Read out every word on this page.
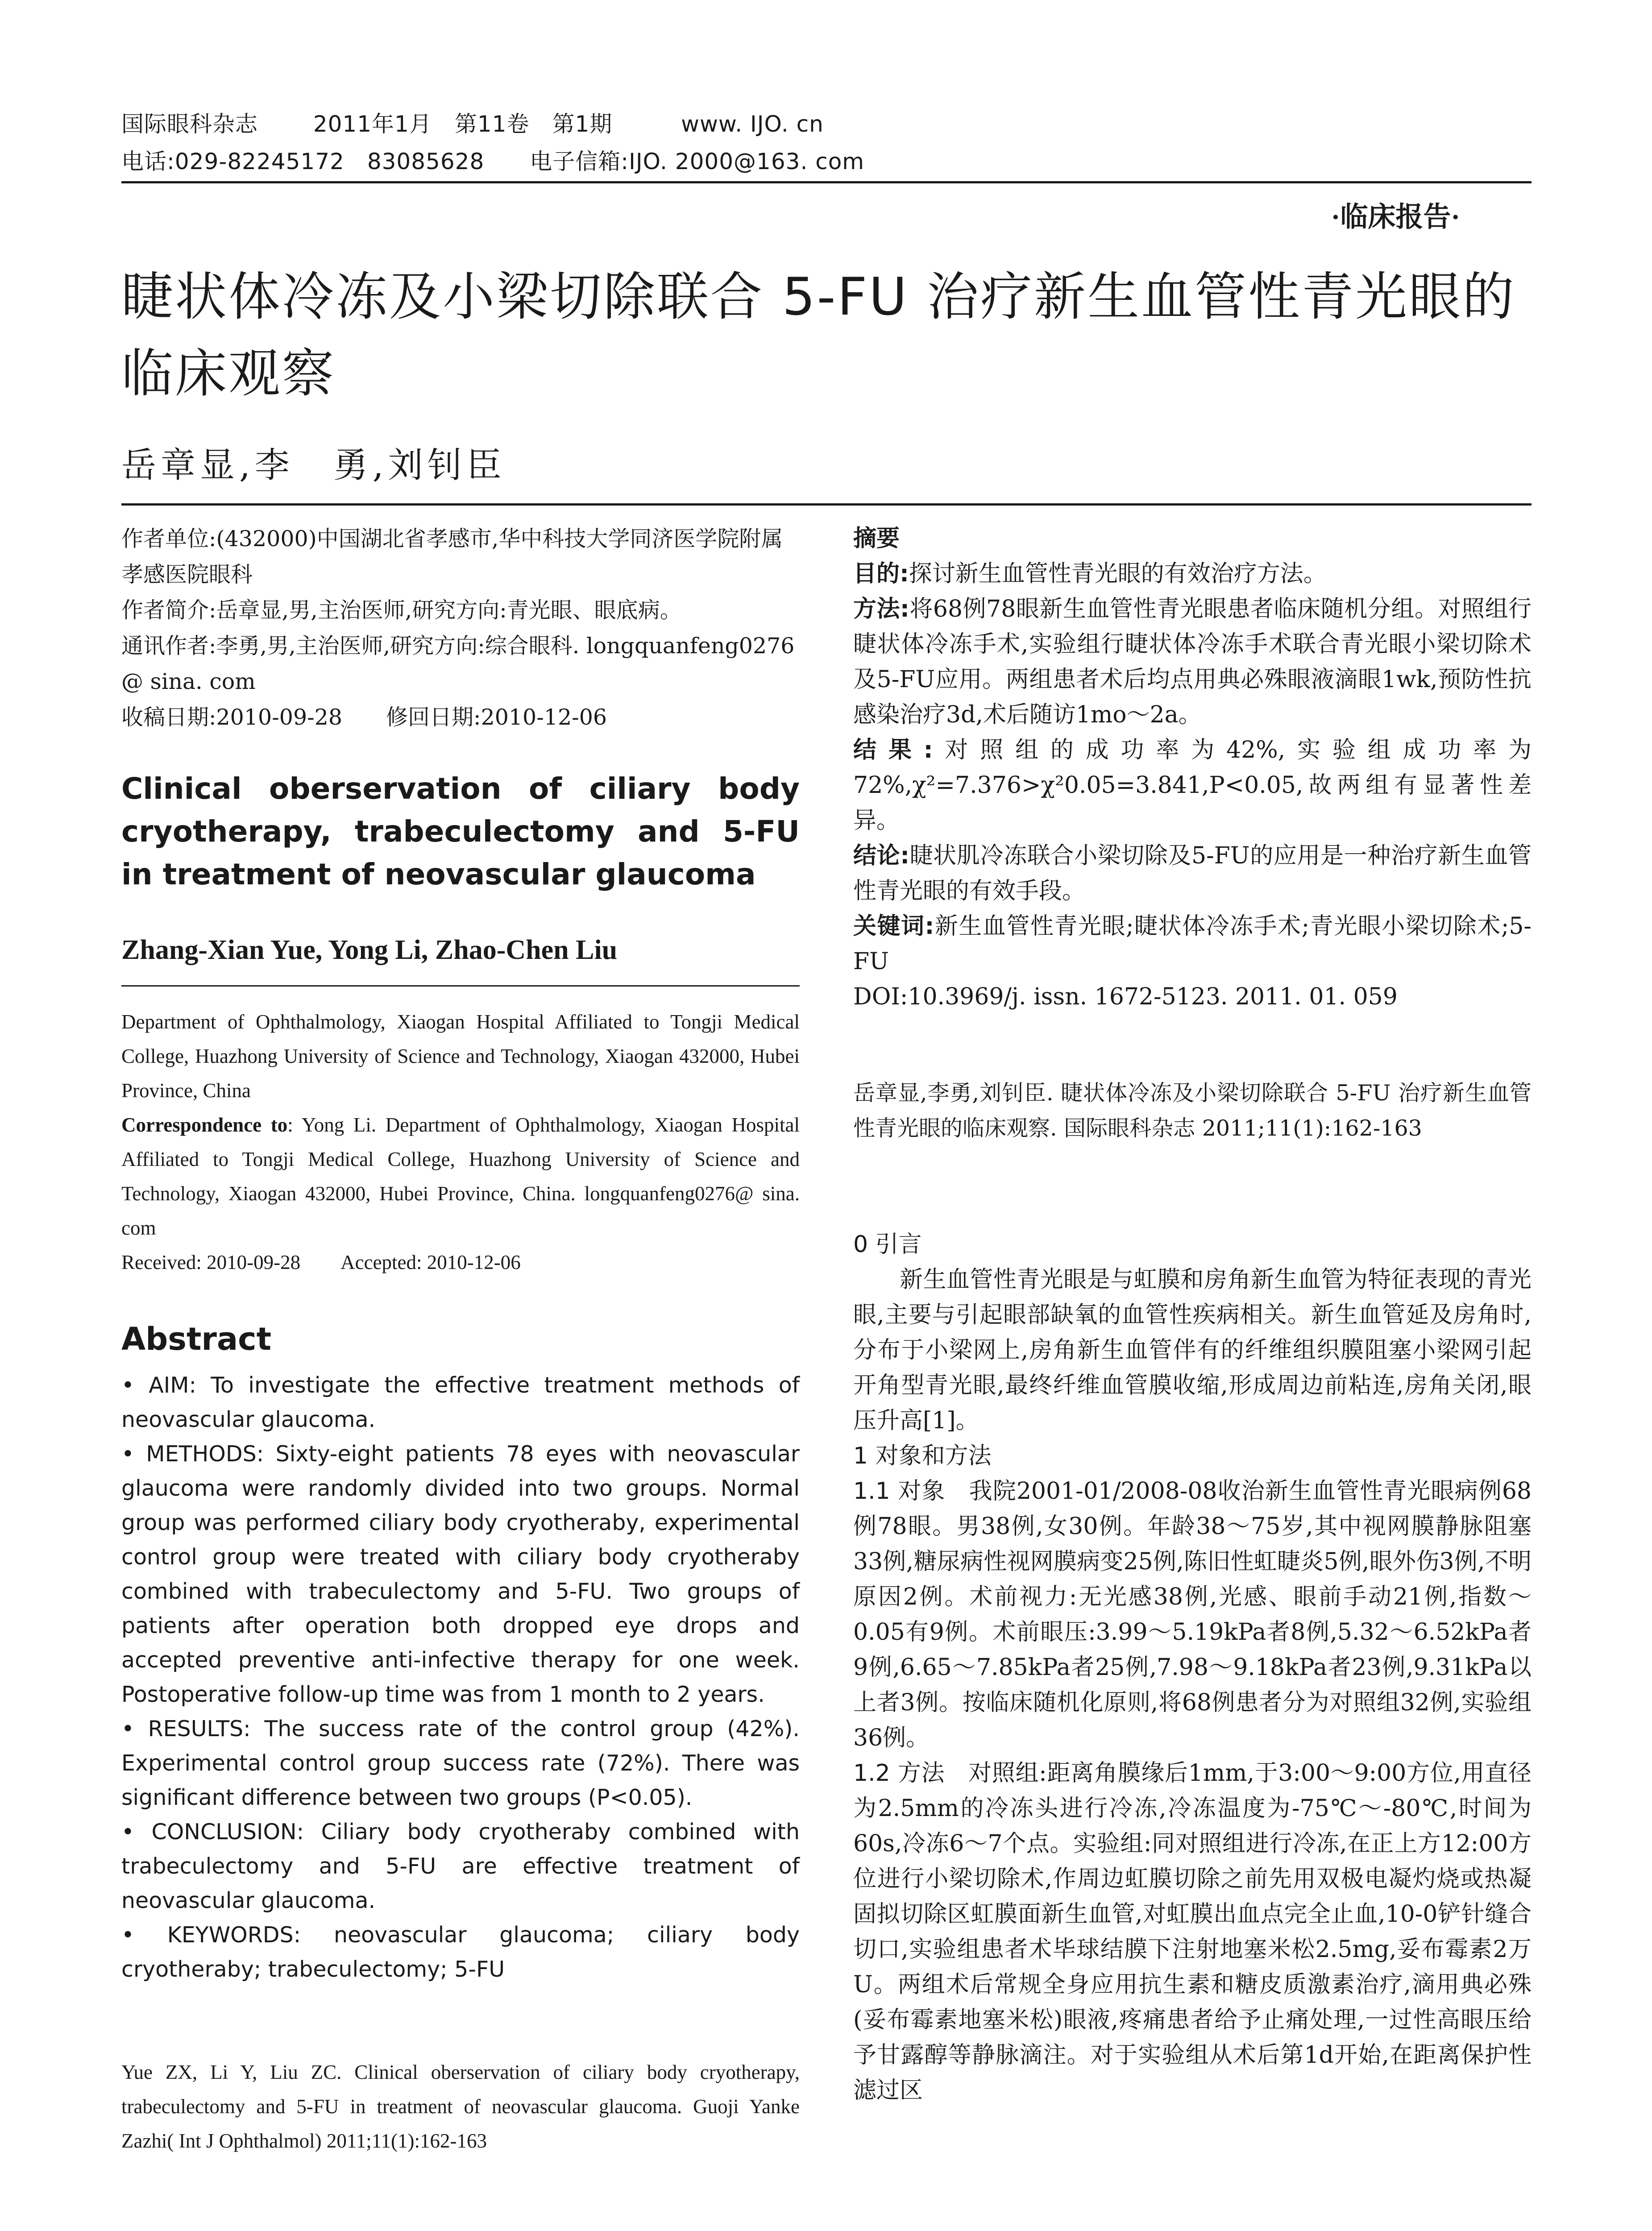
国际眼科杂志 2011年1月　第11卷　第1期	www. IJO. cn
电话:029-82245172　83085628　　电子信箱:IJO. 2000@163. com
·临床报告·
睫状体冷冻及小梁切除联合 5-FU 治疗新生血管性青光眼的临床观察
岳章显,李　勇,刘钊臣

作者单位:(432000)中国湖北省孝感市,华中科技大学同济医学院附属孝感医院眼科

作者简介:岳章显,男,主治医师,研究方向:青光眼、眼底病。

通讯作者:李勇,男,主治医师,研究方向:综合眼科. longquanfeng0276@ sina. com

收稿日期:2010-09-28　　修回日期:2010-12-06

Clinical oberservation of ciliary body cryotherapy, trabeculectomy and 5-FU in treatment of neovascular glaucoma
Zhang-Xian Yue, Yong Li, Zhao-Chen Liu
Department of Ophthalmology, Xiaogan Hospital Affiliated to Tongji Medical College, Huazhong University of Science and Technology, Xiaogan 432000, Hubei Province, China
Correspondence to: Yong Li. Department of Ophthalmology, Xiaogan Hospital Affiliated to Tongji Medical College, Huazhong University of Science and Technology, Xiaogan 432000, Hubei Province, China. longquanfeng0276@ sina. com
Received: 2010-09-28　　Accepted: 2010-12-06
Abstract

• AIM: To investigate the effective treatment methods of neovascular glaucoma.

• METHODS: Sixty-eight patients 78 eyes with neovascular glaucoma were randomly divided into two groups. Normal group was performed ciliary body cryotheraby, experimental control group were treated with ciliary body cryotheraby combined with trabeculectomy and 5-FU. Two groups of patients after operation both dropped eye drops and accepted preventive anti-infective therapy for one week. Postoperative follow-up time was from 1 month to 2 years.

• RESULTS: The success rate of the control group (42%). Experimental control group success rate (72%). There was significant difference between two groups (P<0.05).

• CONCLUSION: Ciliary body cryotheraby combined with trabeculectomy and 5-FU are effective treatment of neovascular glaucoma.

• KEYWORDS: neovascular glaucoma; ciliary body cryotheraby; trabeculectomy; 5-FU

Yue ZX, Li Y, Liu ZC. Clinical oberservation of ciliary body cryotherapy, trabeculectomy and 5-FU in treatment of neovascular glaucoma. Guoji Yanke Zazhi( Int J Ophthalmol) 2011;11(1):162-163

摘要

目的:探讨新生血管性青光眼的有效治疗方法。

方法:将68例78眼新生血管性青光眼患者临床随机分组。对照组行睫状体冷冻手术,实验组行睫状体冷冻手术联合青光眼小梁切除术及5-FU应用。两组患者术后均点用典必殊眼液滴眼1wk,预防性抗感染治疗3d,术后随访1mo～2a。

结果:对照组的成功率为42%,实验组成功率为72%,χ²=7.376>χ²0.05=3.841,P<0.05,故两组有显著性差异。

结论:睫状肌冷冻联合小梁切除及5-FU的应用是一种治疗新生血管性青光眼的有效手段。

关键词:新生血管性青光眼;睫状体冷冻手术;青光眼小梁切除术;5-FU

DOI:10.3969/j. issn. 1672-5123. 2011. 01. 059

岳章显,李勇,刘钊臣. 睫状体冷冻及小梁切除联合 5-FU 治疗新生血管性青光眼的临床观察. 国际眼科杂志 2011;11(1):162-163

0 引言

新生血管性青光眼是与虹膜和房角新生血管为特征表现的青光眼,主要与引起眼部缺氧的血管性疾病相关。新生血管延及房角时,分布于小梁网上,房角新生血管伴有的纤维组织膜阻塞小梁网引起开角型青光眼,最终纤维血管膜收缩,形成周边前粘连,房角关闭,眼压升高[1]。

1 对象和方法

1.1 对象　我院2001-01/2008-08收治新生血管性青光眼病例68例78眼。男38例,女30例。年龄38～75岁,其中视网膜静脉阻塞33例,糖尿病性视网膜病变25例,陈旧性虹睫炎5例,眼外伤3例,不明原因2例。术前视力:无光感38例,光感、眼前手动21例,指数～0.05有9例。术前眼压:3.99～5.19kPa者8例,5.32～6.52kPa者9例,6.65～7.85kPa者25例,7.98～9.18kPa者23例,9.31kPa以上者3例。按临床随机化原则,将68例患者分为对照组32例,实验组36例。

1.2 方法　对照组:距离角膜缘后1mm,于3:00～9:00方位,用直径为2.5mm的冷冻头进行冷冻,冷冻温度为-75℃～-80℃,时间为60s,冷冻6～7个点。实验组:同对照组进行冷冻,在正上方12:00方位进行小梁切除术,作周边虹膜切除之前先用双极电凝灼烧或热凝固拟切除区虹膜面新生血管,对虹膜出血点完全止血,10-0铲针缝合切口,实验组患者术毕球结膜下注射地塞米松2.5mg,妥布霉素2万U。两组术后常规全身应用抗生素和糖皮质激素治疗,滴用典必殊(妥布霉素地塞米松)眼液,疼痛患者给予止痛处理,一过性高眼压给予甘露醇等静脉滴注。对于实验组从术后第1d开始,在距离保护性滤过区
